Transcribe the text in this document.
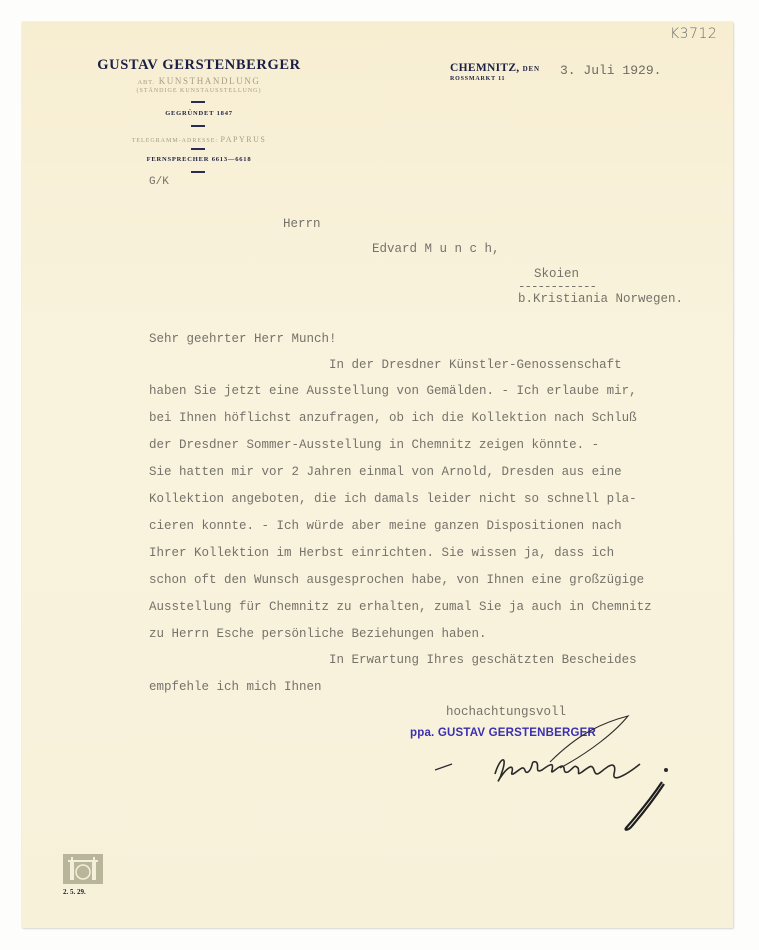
K3712
GUSTAV GERSTENBERGER
ABT. KUNSTHANDLUNG
(STÄNDIGE KUNSTAUSSTELLUNG)
GEGRÜNDET 1847
TELEGRAMM-ADRESSE: PAPYRUS
FERNSPRECHER 6613—6618
CHEMNITZ, DEN
ROSSMARKT 11
3. Juli 1929.
G/K
Herrn
Edvard M u n c h,
Skoien
------------
b.Kristiania Norwegen.
Sehr geehrter Herr Munch!
In der Dresdner Künstler-Genossenschaft
haben Sie jetzt eine Ausstellung von Gemälden. - Ich erlaube mir,
bei Ihnen höflichst anzufragen, ob ich die Kollektion nach Schluß
der Dresdner Sommer-Ausstellung in Chemnitz zeigen könnte. -
Sie hatten mir vor 2 Jahren einmal von Arnold, Dresden aus eine
Kollektion angeboten, die ich damals leider nicht so schnell pla-
cieren konnte. - Ich würde aber meine ganzen Dispositionen nach
Ihrer Kollektion im Herbst einrichten. Sie wissen ja, dass ich
schon oft den Wunsch ausgesprochen habe, von Ihnen eine großzügige
Ausstellung für Chemnitz zu erhalten, zumal Sie ja auch in Chemnitz
zu Herrn Esche persönliche Beziehungen haben.
In Erwartung Ihres geschätzten Bescheides
empfehle ich mich Ihnen
hochachtungsvoll
ppa. GUSTAV GERSTENBERGER
2. 5. 29.
